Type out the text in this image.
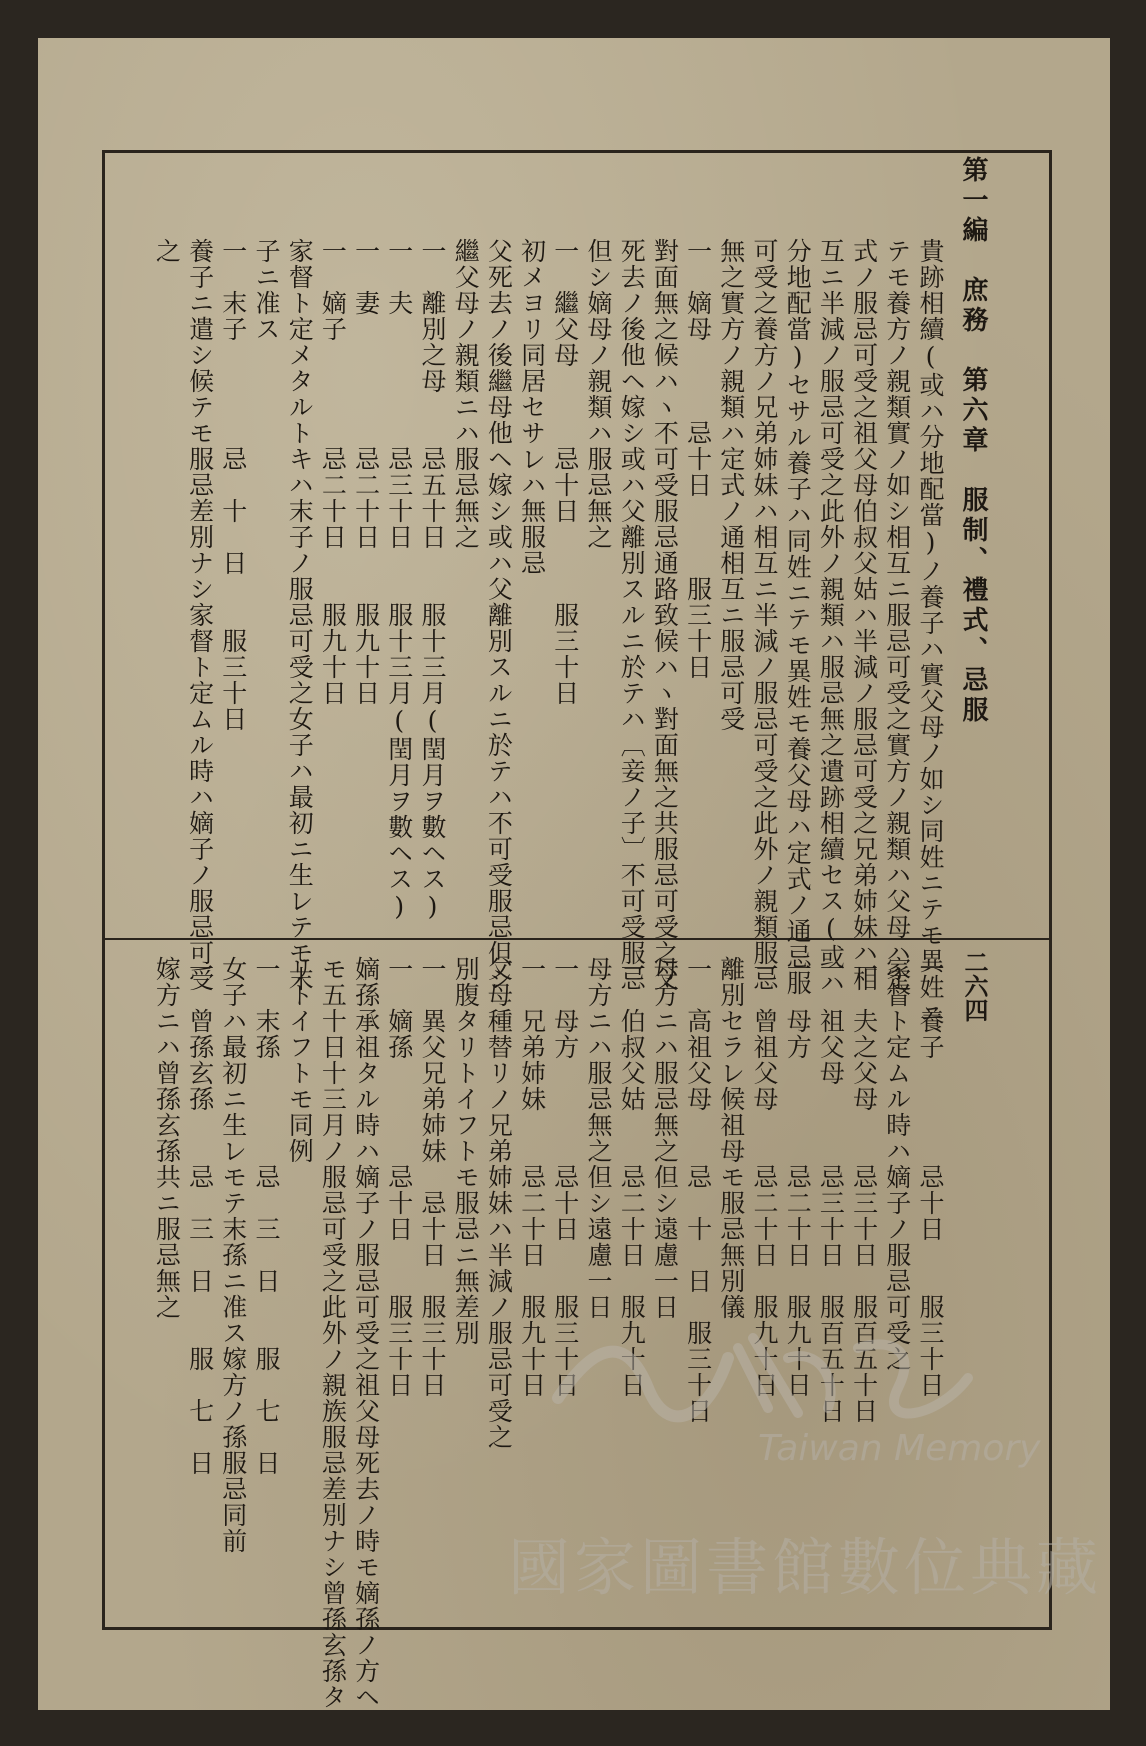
第一編　庶務　第六章　服制、禮式、忌服
二六四
貴跡相續(或ハ分地配當)ノ養子ハ實父母ノ如シ同姓ニテモ異姓ニ
テモ養方ノ親類實ノ如シ相互ニ服忌可受之實方ノ親類ハ父母ハ定
式ノ服忌可受之祖父母伯叔父姑ハ半減ノ服忌可受之兄弟姉妹ハ相
互ニ半減ノ服忌可受之此外ノ親類ハ服忌無之遺跡相續セス(或ハ
分地配當)セサル養子ハ同姓ニテモ異姓モ養父母ハ定式ノ通忌服
可受之養方ノ兄弟姉妹ハ相互ニ半減ノ服忌可受之此外ノ親類服忌
無之實方ノ親類ハ定式ノ通相互ニ服忌可受
一　嫡母　　　忌十日　　　服三十日
對面無之候ハヽ不可受服忌通路致候ハヽ對面無之共服忌可受之父
死去ノ後他ヘ嫁シ或ハ父離別スルニ於テハ〔妾ノ子〕不可受服忌
但シ嫡母ノ親類ハ服忌無之
一　繼父母　　　忌十日　　　服三十日
初メヨリ同居セサレハ無服忌
父死去ノ後繼母他ヘ嫁シ或ハ父離別スルニ於テハ不可受服忌但シ
繼父母ノ親類ニハ服忌無之
一　離別之母　　忌五十日　　服十三月(閏月ヲ數ヘス)
一　夫　　　　　忌三十日　　服十三月(閏月ヲ數ヘス)
一　妻　　　　　忌二十日　　服九十日
一　嫡子　　　　忌二十日　　服九十日
家督ト定メタルトキハ末子ノ服忌可受之女子ハ最初ニ生レテモ末
子ニ准ス
一　末子　　　　忌　十　日　　服三十日
養子ニ遣シ候テモ服忌差別ナシ家督ト定ムル時ハ嫡子ノ服忌可受
之
一　養子　　　　忌十日　　服三十日
家督ト定ムル時ハ嫡子ノ服忌可受之
一　夫之父母　　忌三十日　服百五十日
一　祖父母　　　忌三十日　服百五十日
一　母方　　　　忌二十日　服九十日
一　曾祖父母　　忌二十日　服九十日
離別セラレ候祖母モ服忌無別儀
一　高祖父母　　忌　十　日　服三十日
母方ニハ服忌無之但シ遠慮一日
一　伯叔父姑　　忌二十日　服九十日
母方ニハ服忌無之但シ遠慮一日
一　母方　　　　忌十日　　服三十日
一　兄弟姉妹　　忌二十日　服九十日
父母種替リノ兄弟姉妹ハ半減ノ服忌可受之
別腹タリトイフトモ服忌ニ無差別
一　異父兄弟姉妹　忌十日　服三十日
一　嫡孫　　　　忌十日　　服三十日
嫡孫承祖タル時ハ嫡子ノ服忌可受之祖父母死去ノ時モ嫡孫ノ方ヘ
モ五十日十三月ノ服忌可受之此外ノ親族服忌差別ナシ曾孫玄孫タ
リトイフトモ同例
一　末孫　　　　忌　三　日　　服　七　日
女子ハ最初ニ生レモテ末孫ニ准ス嫁方ノ孫服忌同前
一　曾孫玄孫　　忌　三　日　　服　七　日
嫁方ニハ曾孫玄孫共ニ服忌無之
Taiwan Memory
國家圖書館數位典藏
